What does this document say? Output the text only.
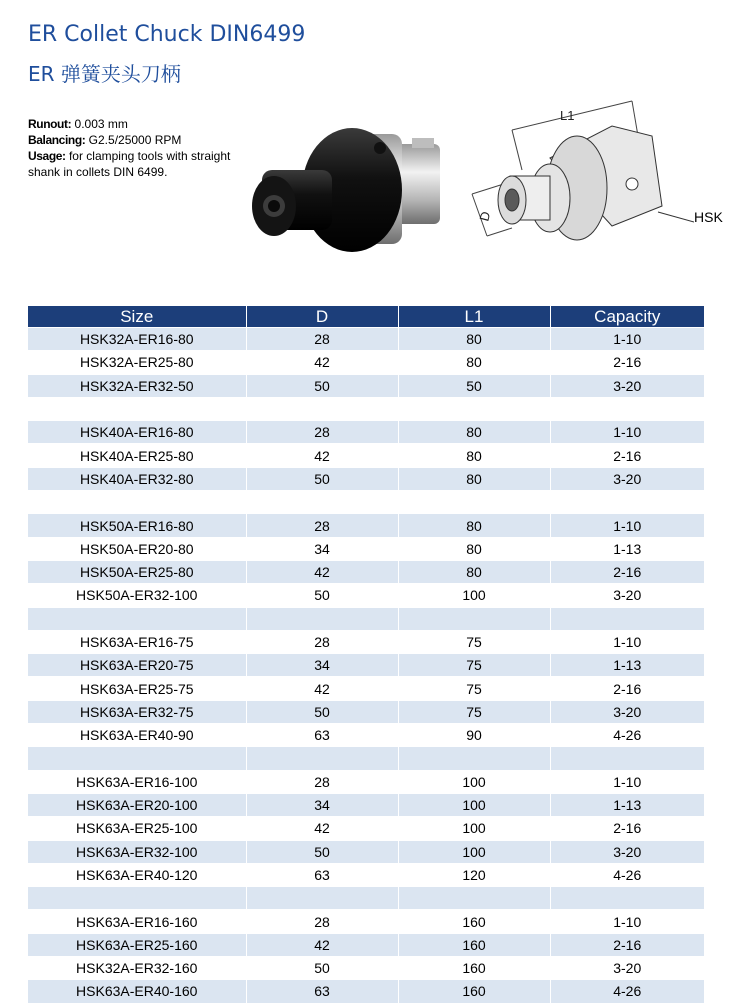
ER Collet Chuck DIN6499
ER 弹簧夹头刀柄
Runout: 0.003 mm
Balancing: G2.5/25000 RPM
Usage: for clamping tools with straight shank in collets DIN 6499.
L1
D	HSK
Size	D	L1	Capacity
HSK32A-ER16-80	28	80	1-10
HSK32A-ER25-80	42	80	2-16
HSK32A-ER32-50	50	50	3-20

HSK40A-ER16-80	28	80	1-10
HSK40A-ER25-80	42	80	2-16
HSK40A-ER32-80	50	80	3-20

HSK50A-ER16-80	28	80	1-10
HSK50A-ER20-80	34	80	1-13
HSK50A-ER25-80	42	80	2-16
HSK50A-ER32-100	50	100	3-20

HSK63A-ER16-75	28	75	1-10
HSK63A-ER20-75	34	75	1-13
HSK63A-ER25-75	42	75	2-16
HSK63A-ER32-75	50	75	3-20
HSK63A-ER40-90	63	90	4-26

HSK63A-ER16-100	28	100	1-10
HSK63A-ER20-100	34	100	1-13
HSK63A-ER25-100	42	100	2-16
HSK63A-ER32-100	50	100	3-20
HSK63A-ER40-120	63	120	4-26

HSK63A-ER16-160	28	160	1-10
HSK63A-ER25-160	42	160	2-16
HSK32A-ER32-160	50	160	3-20
HSK63A-ER40-160	63	160	4-26
